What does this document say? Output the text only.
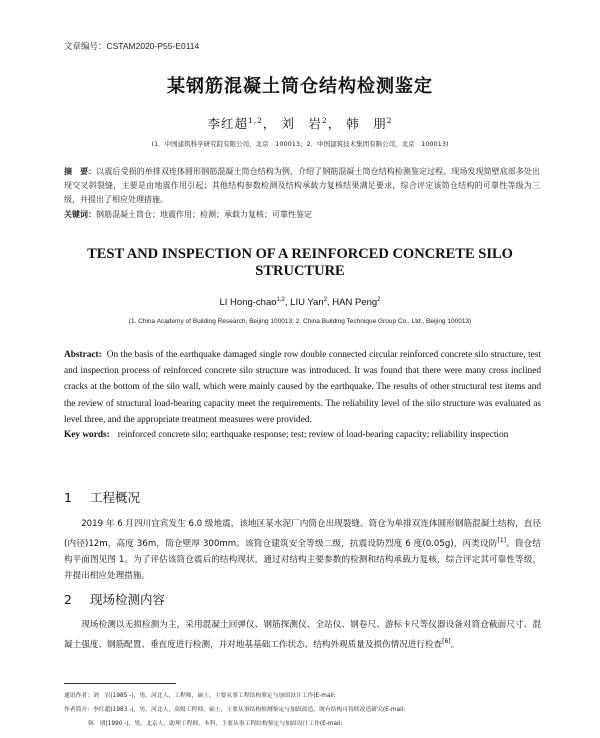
文章编号：CSTAM2020-P55-E0114
某钢筋混凝土筒仓结构检测鉴定
李红超$^{1,2}$， 刘　岩$^2$， 韩　朋$^2$
(1．中国建筑科学研究院有限公司，北京　100013；2．中国建筑技术集团有限公司，北京　100013)
摘　要：以震后受损的单排双连体圆形钢筋混凝土筒仓结构为例，介绍了钢筋混凝土筒仓结构检测鉴定过程。现场发现简壁底部多处出现交叉斜裂缝，主要是由地震作用引起；其他结构参数检测及结构承载力复核结果满足要求，综合评定该筒仓结构的可靠性等级为三级，并提出了相应处理措施。
关键词：钢筋混凝土筒仓；地震作用；检测；承载力复核；可靠性鉴定
TEST AND INSPECTION OF A REINFORCED CONCRETE SILO STRUCTURE
LI Hong-chao$^{1,2}$, LIU Yan$^2$, HAN Peng$^2$
(1. China Academy of Building Research, Beijing 100013; 2. China Building Technique Group Co., Ltd., Beijing 100013)
Abstract: On the basis of the earthquake damaged single row double connected circular reinforced concrete silo structure, test and inspection process of reinforced concrete silo structure was introduced. It was found that there were many cross inclined cracks at the bottom of the silo wall, which were mainly caused by the earthquake. The results of other structural test items and the review of structural load-bearing capacity meet the requirements. The reliability level of the silo structure was evaluated as level three, and the appropriate treatment measures were provided.
Key words: reinforced concrete silo; earthquake response; test; review of load-bearing capacity; reliability inspection
1 工程概况
2019 年 6 月四川宜宾发生 6.0 级地震，该地区某水泥厂内筒仓出现裂缝。筒仓为单排双连体圆形钢筋混凝土结构，直径(内径)12m，高度 36m，筒仓壁厚 300mm。该筒仓建筑安全等级二级，抗震设防烈度 6 度(0.05g)，丙类设防[1]。筒仓结构平面图见图 1。为了评估该筒仓震后的结构现状，通过对结构主要参数的检测和结构承载力复核，综合评定其可靠性等级，并提出相应处理措施。
2 现场检测内容
现场检测以无损检测为主，采用混凝土回弹仪、钢筋探测仪、全站仪、钢卷尺、游标卡尺等仪器设备对筒仓截面尺寸、混凝土强度、钢筋配置、垂直度进行检测，并对地基基础工作状态、结构外观质量及损伤情况进行检查[6]。
通讯作者：刘　岩(1985 -)，男，河北人，工程师，硕士，主要从事工程结构鉴定与加固设计工作(E-mail:
作者简介：李红超(1983 -)，男，河北人，高级工程师，硕士，主要从事结构检测鉴定与加固改造、既有结构可持续改造研究(E-mail:
韩　朋(1990 -)，男，北京人，助理工程师，本科，主要从事工程结构鉴定与加固设计工作(E-mail:
